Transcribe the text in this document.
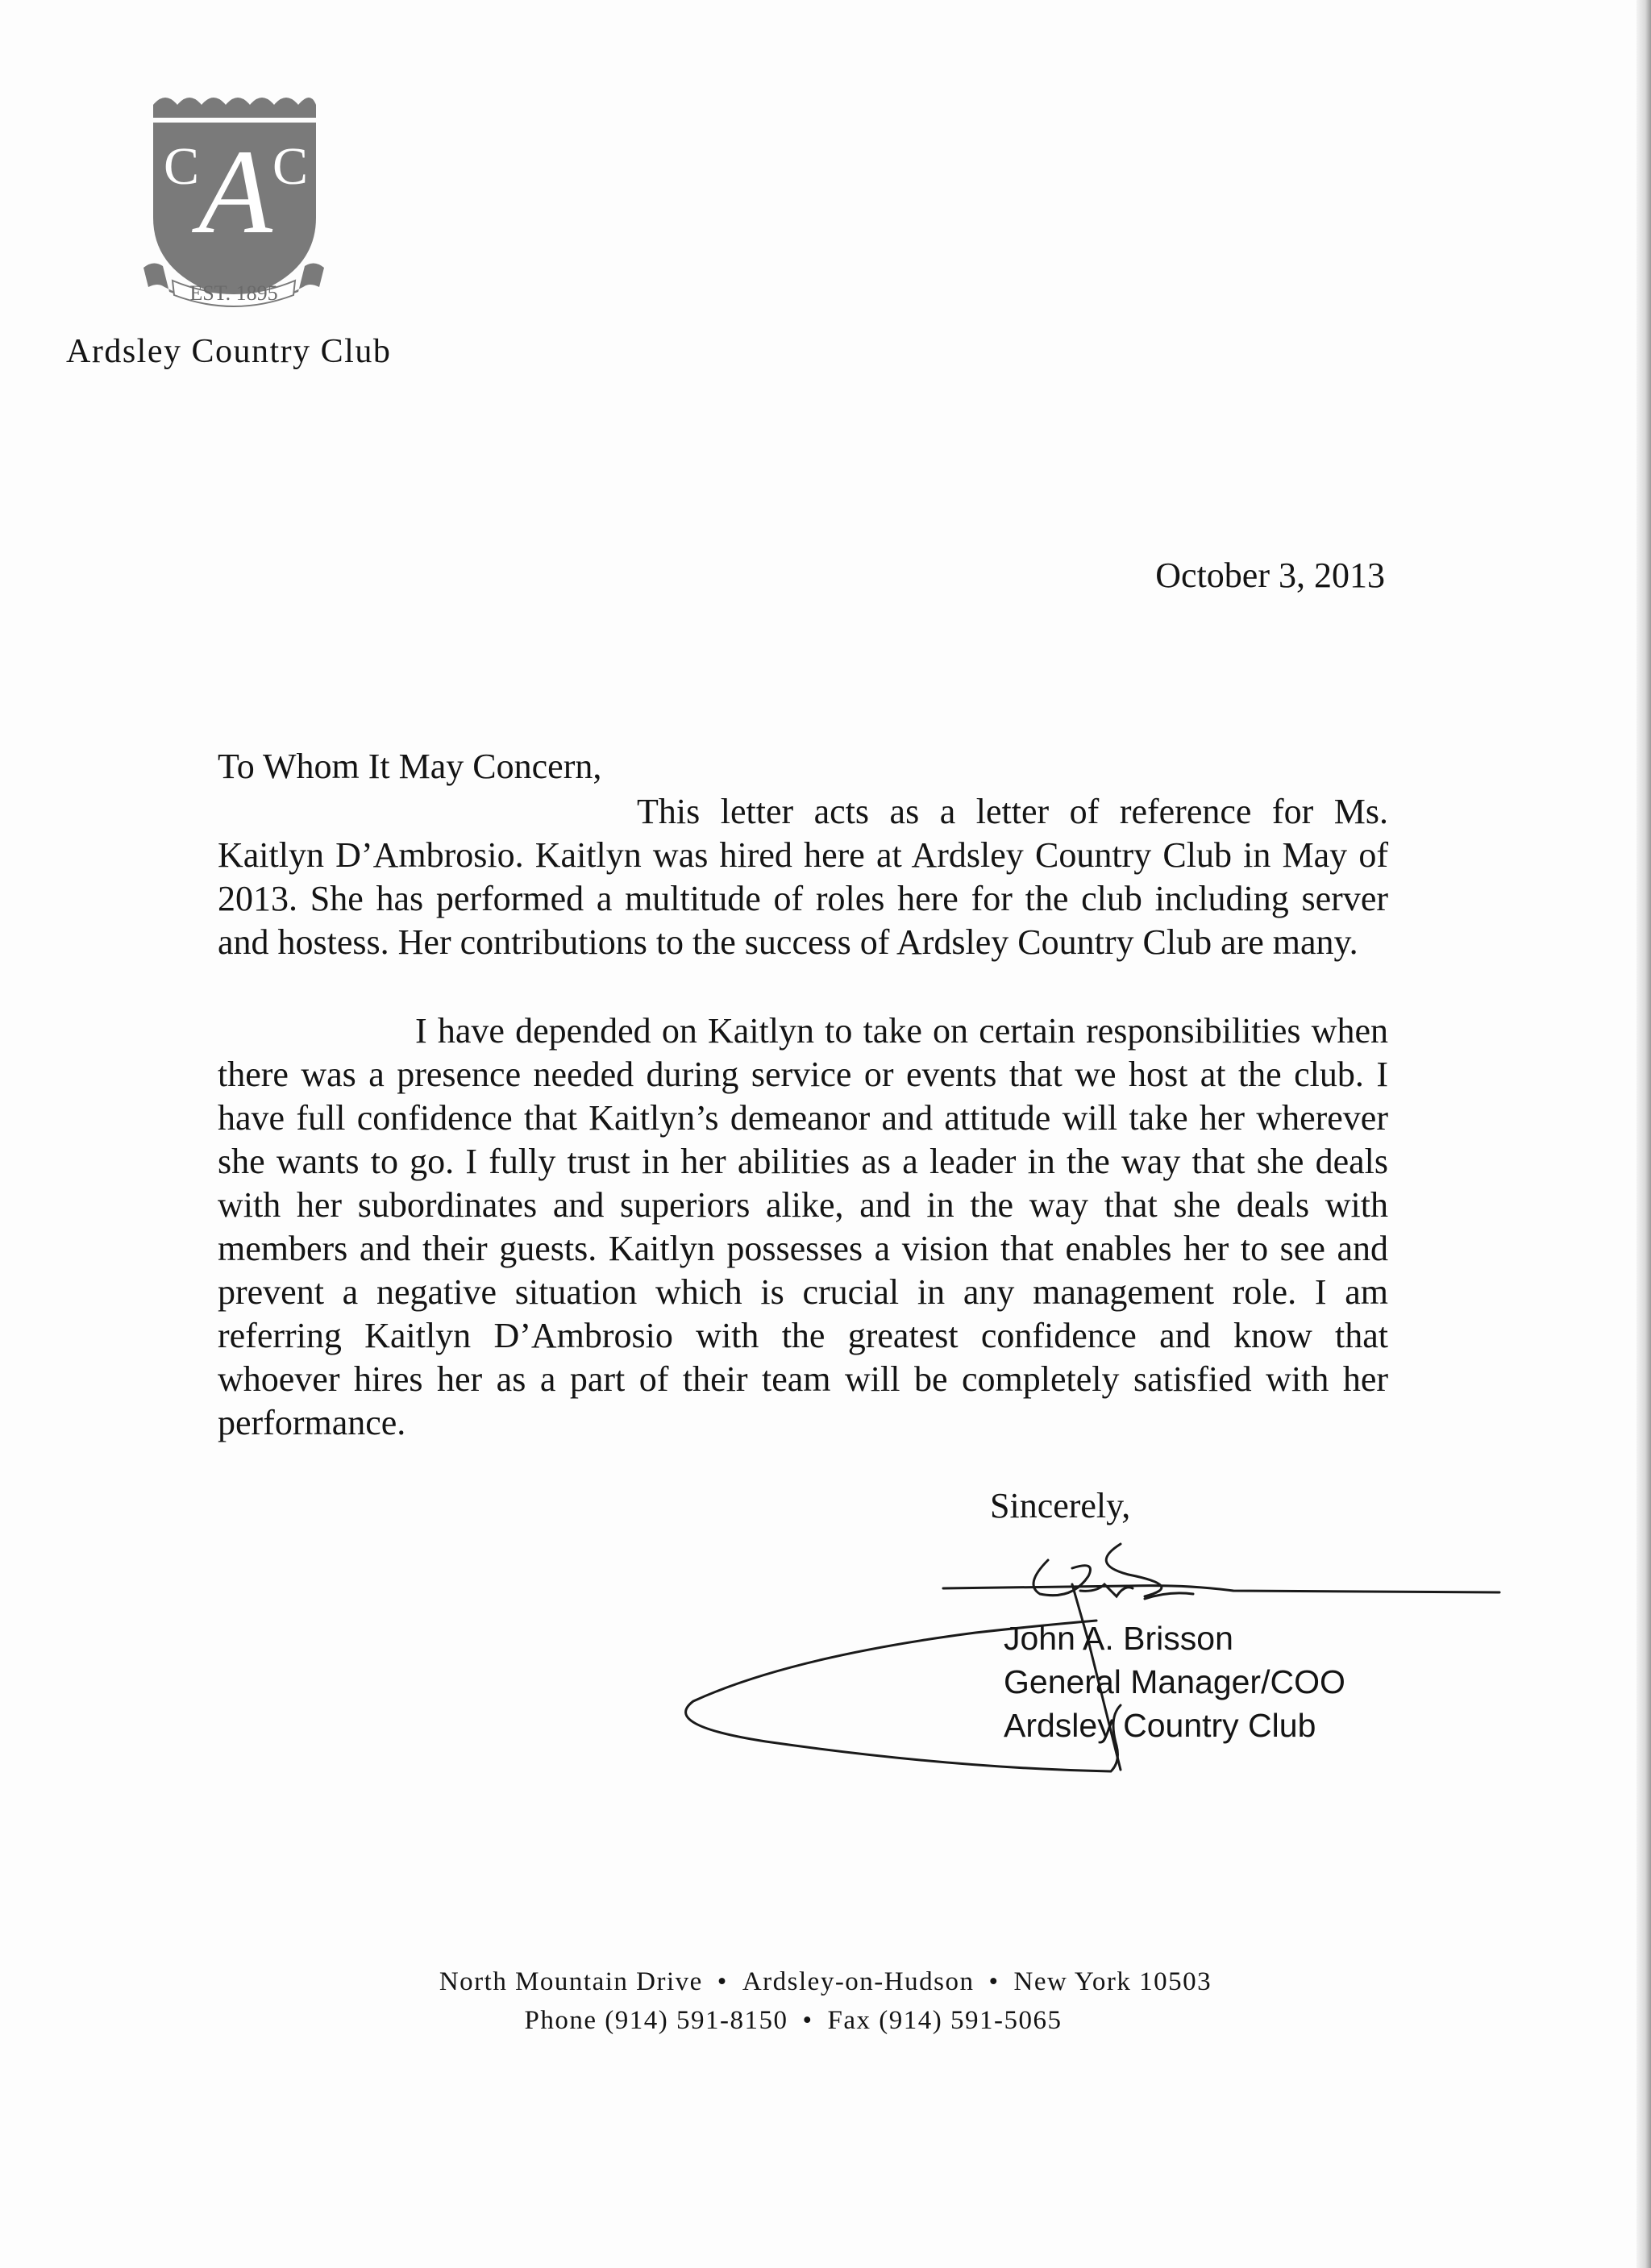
C A C
EST. 1895
Ardsley Country Club
October 3, 2013
To Whom It May Concern,
This letter acts as a letter of reference for Ms. Kaitlyn D’Ambrosio. Kaitlyn was hired here at Ardsley Country Club in May of 2013. She has performed a multitude of roles here for the club including server and hostess. Her contributions to the success of Ardsley Country Club are many.
I have depended on Kaitlyn to take on certain responsibilities when there was a presence needed during service or events that we host at the club. I have full confidence that Kaitlyn’s demeanor and attitude will take her wherever she wants to go. I fully trust in her abilities as a leader in the way that she deals with her subordinates and superiors alike, and in the way that she deals with members and their guests. Kaitlyn possesses a vision that enables her to see and prevent a negative situation which is crucial in any management role. I am referring Kaitlyn D’Ambrosio with the greatest confidence and know that whoever hires her as a part of their team will be completely satisfied with her performance.
Sincerely,
John A. Brisson
General Manager/COO
Ardsley Country Club
North Mountain Drive • Ardsley-on-Hudson • New York 10503
Phone (914) 591-8150 • Fax (914) 591-5065
